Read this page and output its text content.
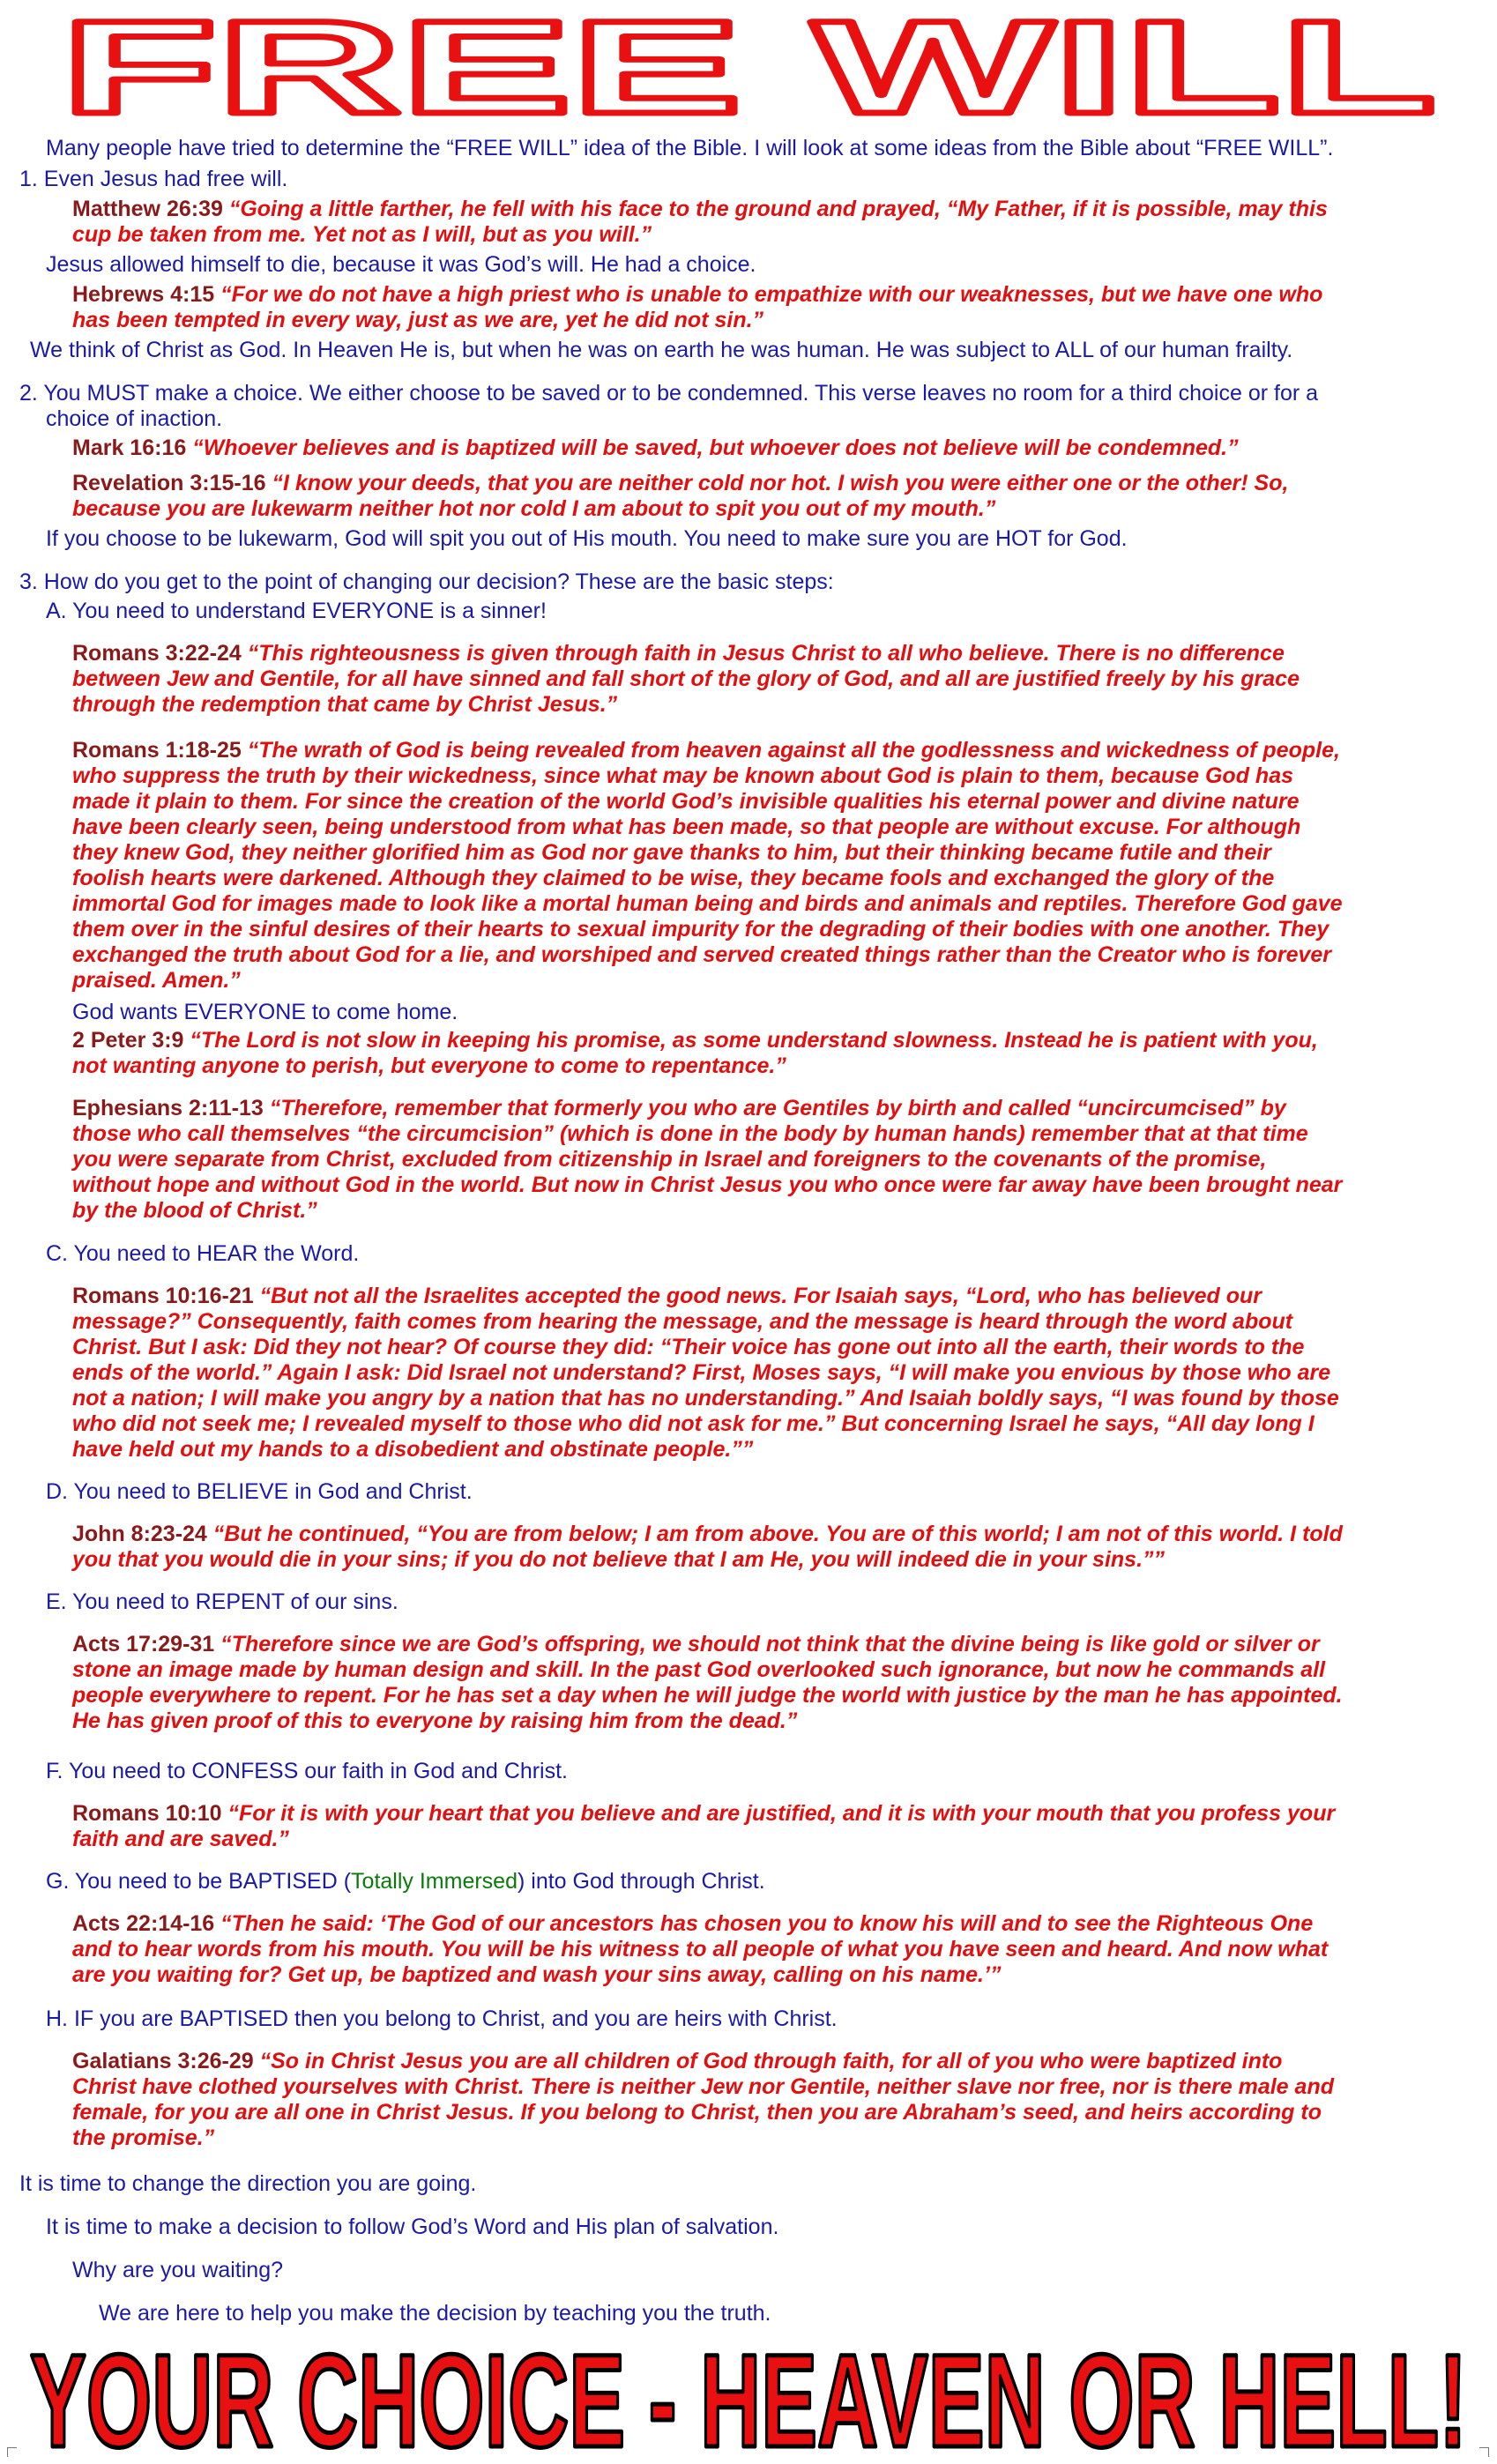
FREE WILL
Many people have tried to determine the “FREE WILL” idea of the Bible. I will look at some ideas from the Bible about “FREE WILL”.
1. Even Jesus had free will.
Matthew 26:39 “Going a little farther, he fell with his face to the ground and prayed, “My Father, if it is possible, may this
cup be taken from me. Yet not as I will, but as you will.”
Jesus allowed himself to die, because it was God’s will. He had a choice.
Hebrews 4:15 “For we do not have a high priest who is unable to empathize with our weaknesses, but we have one who
has been tempted in every way, just as we are, yet he did not sin.”
We think of Christ as God. In Heaven He is, but when he was on earth he was human. He was subject to ALL of our human frailty.
2. You MUST make a choice. We either choose to be saved or to be condemned. This verse leaves no room for a third choice or for a
choice of inaction.
Mark 16:16 “Whoever believes and is baptized will be saved, but whoever does not believe will be condemned.”
Revelation 3:15-16 “I know your deeds, that you are neither cold nor hot. I wish you were either one or the other! So,
because you are lukewarm neither hot nor cold I am about to spit you out of my mouth.”
If you choose to be lukewarm, God will spit you out of His mouth. You need to make sure you are HOT for God.
3. How do you get to the point of changing our decision? These are the basic steps:
A. You need to understand EVERYONE is a sinner!
Romans 3:22-24 “This righteousness is given through faith in Jesus Christ to all who believe. There is no difference
between Jew and Gentile, for all have sinned and fall short of the glory of God, and all are justified freely by his grace
through the redemption that came by Christ Jesus.”
Romans 1:18-25 “The wrath of God is being revealed from heaven against all the godlessness and wickedness of people,
who suppress the truth by their wickedness, since what may be known about God is plain to them, because God has
made it plain to them. For since the creation of the world God’s invisible qualities his eternal power and divine nature
have been clearly seen, being understood from what has been made, so that people are without excuse. For although
they knew God, they neither glorified him as God nor gave thanks to him, but their thinking became futile and their
foolish hearts were darkened. Although they claimed to be wise, they became fools and exchanged the glory of the
immortal God for images made to look like a mortal human being and birds and animals and reptiles. Therefore God gave
them over in the sinful desires of their hearts to sexual impurity for the degrading of their bodies with one another. They
exchanged the truth about God for a lie, and worshiped and served created things rather than the Creator who is forever
praised. Amen.”
God wants EVERYONE to come home.
2 Peter 3:9 “The Lord is not slow in keeping his promise, as some understand slowness. Instead he is patient with you,
not wanting anyone to perish, but everyone to come to repentance.”
Ephesians 2:11-13 “Therefore, remember that formerly you who are Gentiles by birth and called “uncircumcised” by
those who call themselves “the circumcision” (which is done in the body by human hands) remember that at that time
you were separate from Christ, excluded from citizenship in Israel and foreigners to the covenants of the promise,
without hope and without God in the world. But now in Christ Jesus you who once were far away have been brought near
by the blood of Christ.”
C. You need to HEAR the Word.
Romans 10:16-21 “But not all the Israelites accepted the good news. For Isaiah says, “Lord, who has believed our
message?” Consequently, faith comes from hearing the message, and the message is heard through the word about
Christ. But I ask: Did they not hear? Of course they did: “Their voice has gone out into all the earth, their words to the
ends of the world.” Again I ask: Did Israel not understand? First, Moses says, “I will make you envious by those who are
not a nation; I will make you angry by a nation that has no understanding.” And Isaiah boldly says, “I was found by those
who did not seek me; I revealed myself to those who did not ask for me.” But concerning Israel he says, “All day long I
have held out my hands to a disobedient and obstinate people.””
D. You need to BELIEVE in God and Christ.
John 8:23-24 “But he continued, “You are from below; I am from above. You are of this world; I am not of this world. I told
you that you would die in your sins; if you do not believe that I am He, you will indeed die in your sins.””
E. You need to REPENT of our sins.
Acts 17:29-31 “Therefore since we are God’s offspring, we should not think that the divine being is like gold or silver or
stone an image made by human design and skill. In the past God overlooked such ignorance, but now he commands all
people everywhere to repent. For he has set a day when he will judge the world with justice by the man he has appointed.
He has given proof of this to everyone by raising him from the dead.”
F. You need to CONFESS our faith in God and Christ.
Romans 10:10 “For it is with your heart that you believe and are justified, and it is with your mouth that you profess your
faith and are saved.”
G. You need to be BAPTISED (Totally Immersed) into God through Christ.
Acts 22:14-16 “Then he said: ‘The God of our ancestors has chosen you to know his will and to see the Righteous One
and to hear words from his mouth. You will be his witness to all people of what you have seen and heard. And now what
are you waiting for? Get up, be baptized and wash your sins away, calling on his name.’”
H. IF you are BAPTISED then you belong to Christ, and you are heirs with Christ.
Galatians 3:26-29 “So in Christ Jesus you are all children of God through faith, for all of you who were baptized into
Christ have clothed yourselves with Christ. There is neither Jew nor Gentile, neither slave nor free, nor is there male and
female, for you are all one in Christ Jesus. If you belong to Christ, then you are Abraham’s seed, and heirs according to
the promise.”
It is time to change the direction you are going.
It is time to make a decision to follow God’s Word and His plan of salvation.
Why are you waiting?
We are here to help you make the decision by teaching you the truth.
YOUR CHOICE - HEAVEN OR HELL!
